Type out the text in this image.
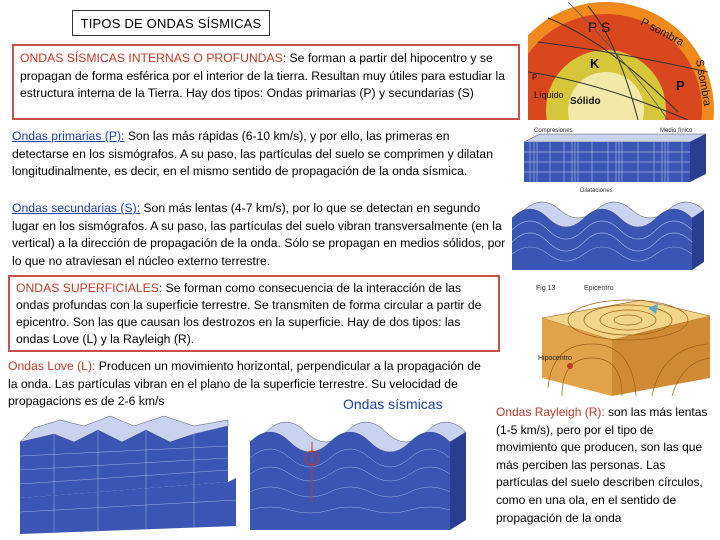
TIPOS DE ONDAS SÍSMICAS
ONDAS SÍSMICAS INTERNAS O PROFUNDAS: Se forman a partir del hipocentro y se propagan de forma esférica por el interior de la tierra. Resultan muy útiles para estudiar la estructura interna de la Tierra. Hay dos tipos: Ondas primarias (P) y secundarias (S)
P S	P sombra
S sombra
K
P
P
Líquido
Sólido
Ondas primarias (P): Son las más rápidas (6-10 km/s), y por ello, las primeras en detectarse en los sismógrafos. A su paso, las partículas del suelo se comprimen y dilatan longitudinalmente, es decir, en el mismo sentido de propagación de la onda sísmica.
Ondas secundarias (S): Son más lentas (4-7 km/s), por lo que se detectan en segundo lugar en los sismógrafos. A su paso, las partículas del suelo vibran transversalmente (en la vertical) a la dirección de propagación de la onda. Sólo se propagan en medios sólidos, por lo que no atraviesan el núcleo externo terrestre.
Compresiones	Medio fínico
Dilataciones
ONDAS SUPERFICIALES: Se forman como consecuencia de la interacción de las ondas profundas con la superficie terrestre. Se transmiten de forma circular a partir de epicentro. Son las que causan los destrozos en la superficie. Hay de dos tipos: las ondas Love (L) y la Rayleigh (R).
Fig 13	Epicentro
Hipocentro
Ondas Love (L): Producen un movimiento horizontal, perpendicular a la propagación de la onda. Las partículas vibran en el plano de la superficie terrestre. Su velocidad de propagacions es de 2-6 km/s	Ondas sísmicas	Ondas Rayleigh (R): son las más lentas (1-5 km/s), pero por el tipo de movimiento que producen, son las que más perciben las personas. Las partículas del suelo describen círculos, como en una ola, en el sentido de propagación de la onda
